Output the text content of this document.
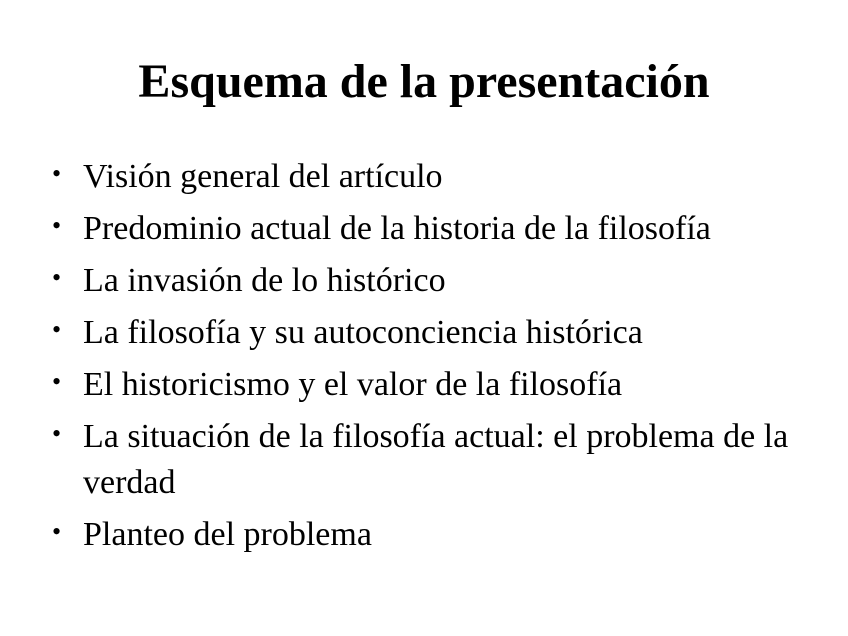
Esquema de la presentación
• Visión general del artículo
• Predominio actual de la historia de la filosofía
• La invasión de lo histórico
• La filosofía y su autoconciencia histórica
• El historicismo y el valor de la filosofía
• La situación de la filosofía actual: el problema de la verdad
• Planteo del problema
